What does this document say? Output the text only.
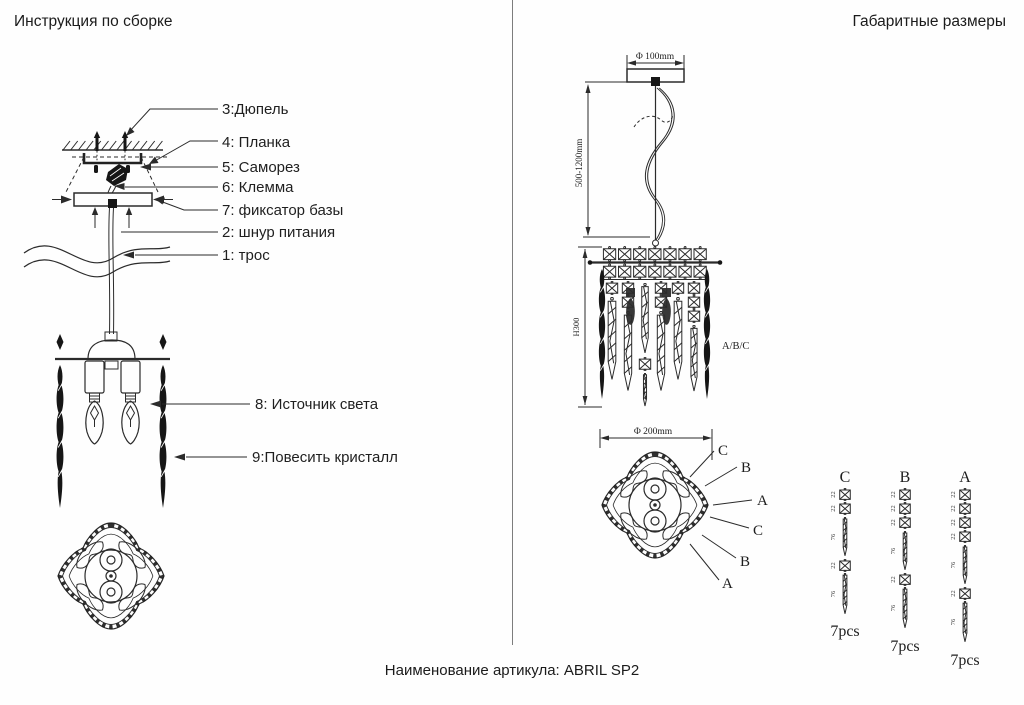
Инструкция по сборке	Габаритные размеры
Наименование артикула: ABRIL SP2
3:Дюпель
4: Планка
5: Саморез
6: Клемма
7: фиксатор базы
2: шнур питания
1: трос
8: Источник света
9:Повесить кристалл
Φ 100mm
500-1200mm
H300
A/B/C
Φ 200mm
C
B
A
C
B
A
C
22
22
76
22
76
7pcs
B
22
22
22
76
22
76
7pcs
A
22
22
22
22
76
22
76
7pcs
